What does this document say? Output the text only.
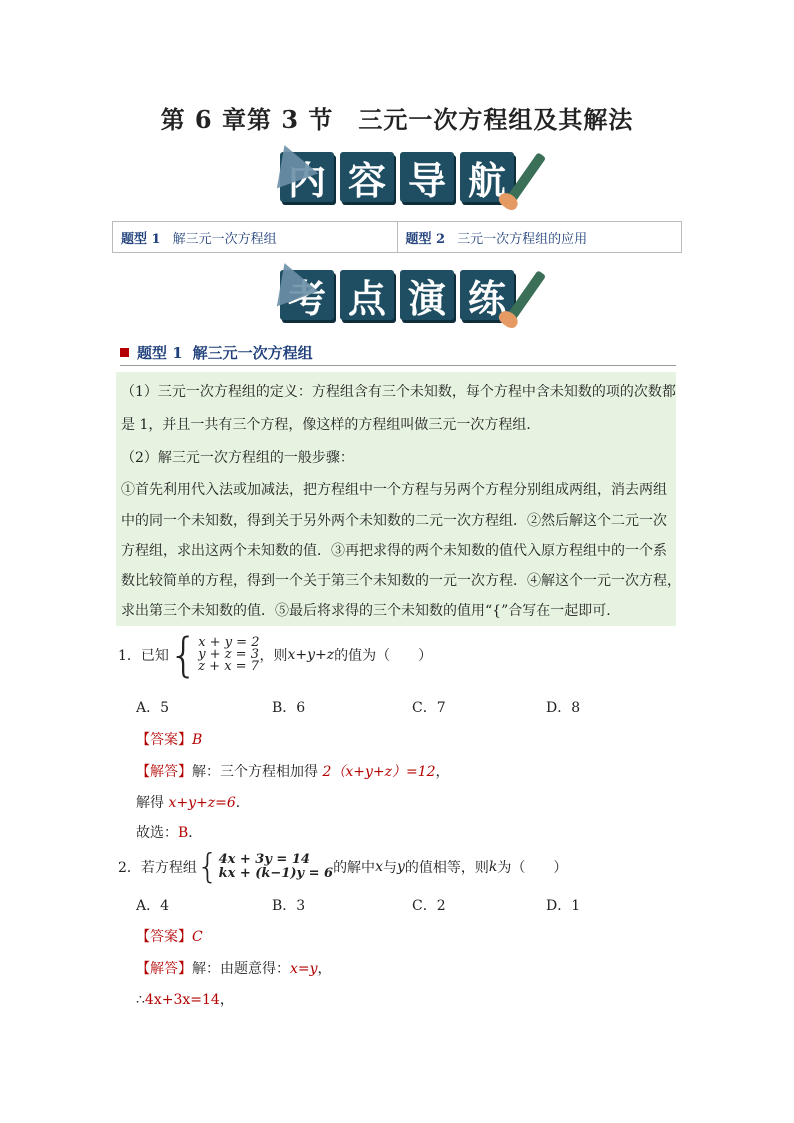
第 6 章第 3 节　三元一次方程组及其解法
内 容 导 航
题型 1 解三元一次方程组	题型 2 三元一次方程组的应用
考 点 演 练
题型 1 解三元一次方程组
（1）三元一次方程组的定义：方程组含有三个未知数，每个方程中含未知数的项的次数都
是 1，并且一共有三个方程，像这样的方程组叫做三元一次方程组．
（2）解三元一次方程组的一般步骤：
①首先利用代入法或加减法，把方程组中一个方程与另两个方程分别组成两组，消去两组
中的同一个未知数，得到关于另外两个未知数的二元一次方程组．②然后解这个二元一次
方程组，求出这两个未知数的值．③再把求得的两个未知数的值代入原方程组中的一个系
数比较简单的方程，得到一个关于第三个未知数的一元一次方程．④解这个一元一次方程，
求出第三个未知数的值．⑤最后将求得的三个未知数的值用“{”合写在一起即可.
1．已知 { x + y = 2
y + z = 3
z + x = 7
，则 x+y+z 的值为（　　）
A．5	B．6	C．7	D．8
【答案】B
【解答】解：三个方程相加得 2（x+y+z）=12，
解得 x+y+z=6．
故选：B．
2．若方程组 { 4x + 3y = 14
kx + (k−1)y = 6 的解中 x 与 y 的值相等，则 k 为（　　）
A．4	B．3	C．2	D．1
【答案】C
【解答】解：由题意得：x=y，
∴4x+3x=14，
